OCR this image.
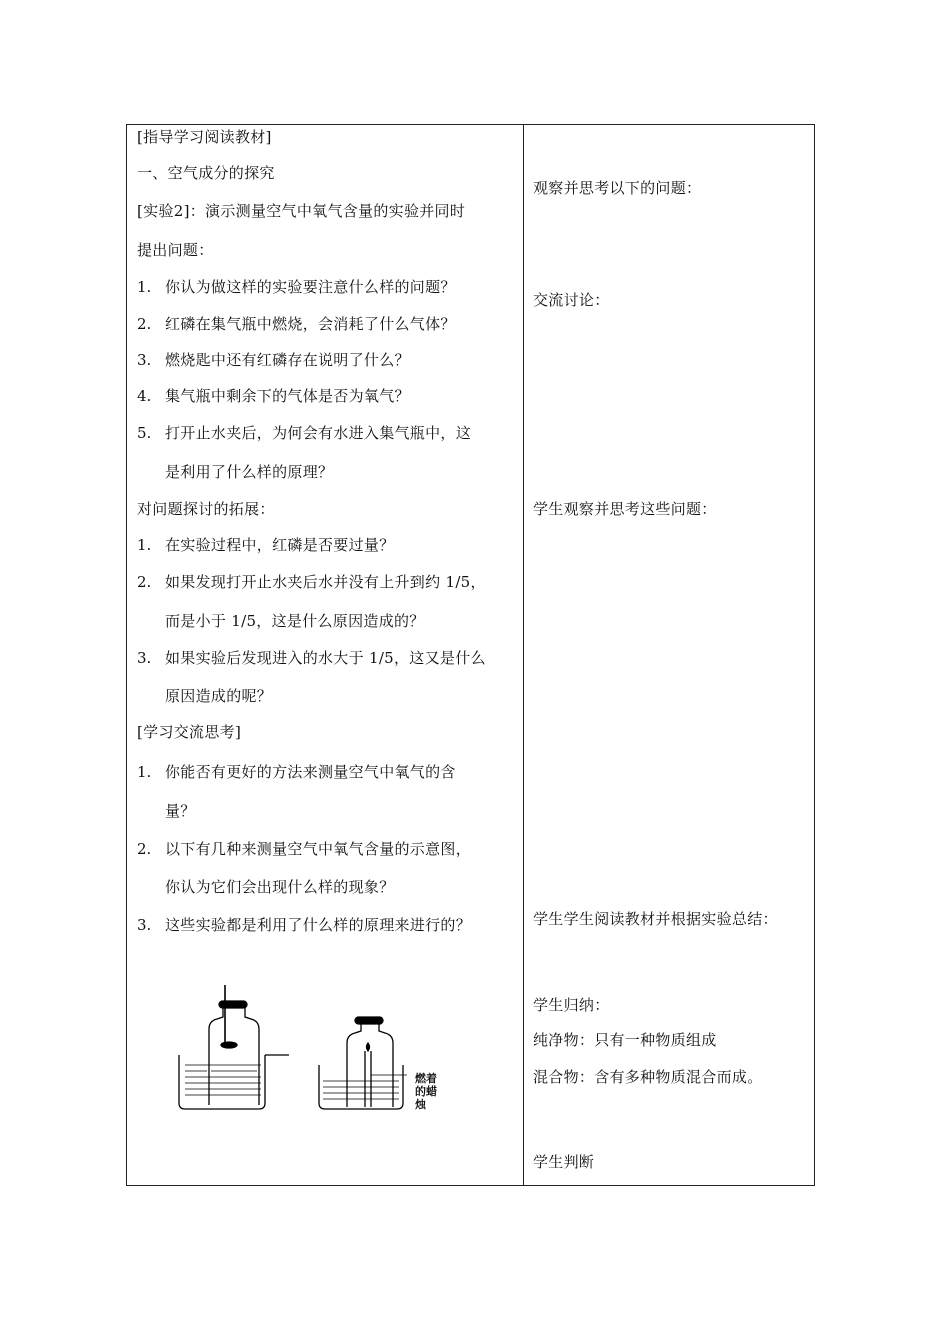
[指导学习阅读教材]
一、空气成分的探究
[实验2]：演示测量空气中氧气含量的实验并同时
提出问题：
1. 你认为做这样的实验要注意什么样的问题？
2. 红磷在集气瓶中燃烧，会消耗了什么气体？
3. 燃烧匙中还有红磷存在说明了什么？
4. 集气瓶中剩余下的气体是否为氧气？
5. 打开止水夹后，为何会有水进入集气瓶中，这
是利用了什么样的原理？
对问题探讨的拓展：
1. 在实验过程中，红磷是否要过量？
2. 如果发现打开止水夹后水并没有上升到约 1/5，
而是小于 1/5，这是什么原因造成的？
3. 如果实验后发现进入的水大于 1/5，这又是什么
原因造成的呢？
[学习交流思考]
1. 你能否有更好的方法来测量空气中氧气的含
量？
2. 以下有几种来测量空气中氧气含量的示意图，
你认为它们会出现什么样的现象？
3. 这些实验都是利用了什么样的原理来进行的？
燃着
的蜡
烛
观察并思考以下的问题：
交流讨论：
学生观察并思考这些问题：
学生学生阅读教材并根据实验总结：
学生归纳：
纯净物：只有一种物质组成
混合物：含有多种物质混合而成。
学生判断
